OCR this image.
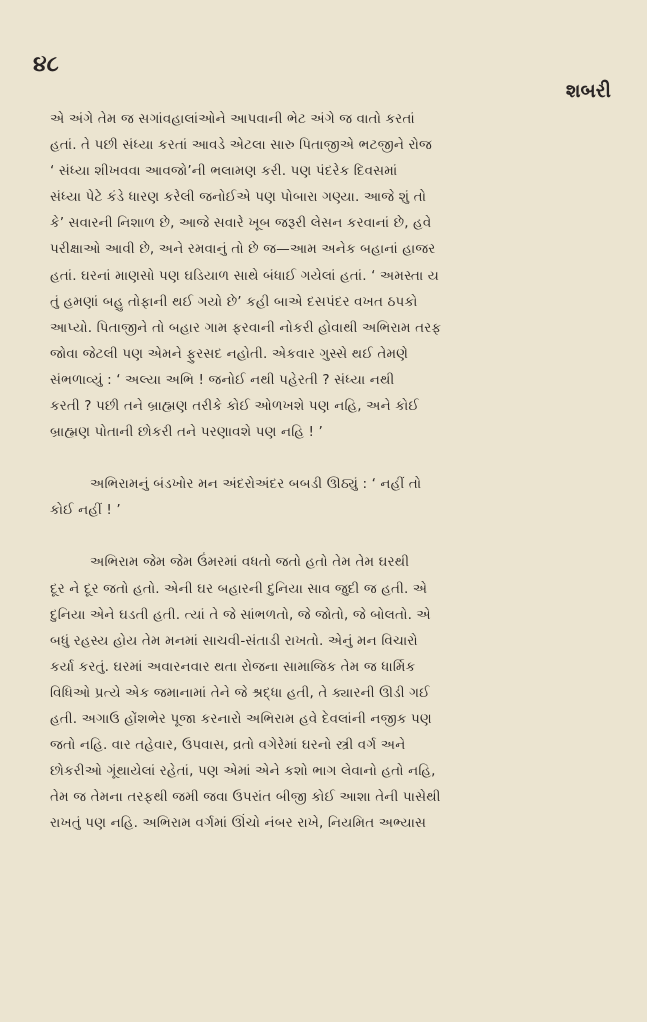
૪૮
શબરી

એ અંગે તેમ જ સગાંવહાલાંઓને આપવાની ભેટ અંગે જ વાતો કરતાં

હતાં. તે પછી સંધ્યા કરતાં આવડે એટલા સારુ પિતાજીએ ભટજીને રોજ

‘ સંધ્યા શીખવવા આવજો’ની ભલામણ કરી. પણ પંદરેક દિવસમાં

સંધ્યા પેટે કંડે ધારણ કરેલી જનોઈએ પણ પોબારા ગણ્યા. આજે શું તો

કે’ સવારની નિશાળ છે, આજે સવારે ખૂબ જરૂરી લેસન કરવાનાં છે, હવે

પરીક્ષાઓ આવી છે, અને રમવાનું તો છે જ—આમ અનેક બહાનાં હાજર

હતાં. ઘરનાં માણસો પણ ઘડિયાળ સાથે બંધાઈ ગયેલાં હતાં. ‘ અમસ્તા ય

તું હમણાં બહુ તોફાની થઈ ગયો છે’ કહી બાએ દસપંદર વખત ઠપકો

આપ્યો. પિતાજીને તો બહાર ગામ ફરવાની નોકરી હોવાથી અભિરામ તરફ

જોવા જેટલી પણ એમને ફુરસદ નહોતી. એકવાર ગુસ્સે થઈ તેમણે

સંભળાવ્યું : ‘ અલ્યા અભિ ! જનોઈ નથી પહેરતી ? સંધ્યા નથી

કરતી ? પછી તને બ્રાહ્મણ તરીકે કોઈ ઓળખશે પણ નહિ, અને કોઈ

બ્રાહ્મણ પોતાની છોકરી તને પરણાવશે પણ નહિ ! ’

અભિરામનું બંડખોર મન અંદરોઅંદર બબડી ઊઠ્યું : ‘ નહીં તો

કોઈ નહીં ! ’

અભિરામ જેમ જેમ ઉંમરમાં વધતો જતો હતો તેમ તેમ ઘરથી

દૂર ને દૂર જતો હતો. એની ઘર બહારની દુનિયા સાવ જુદી જ હતી. એ

દુનિયા એને ઘડતી હતી. ત્યાં તે જે સાંભળતો, જે જોતો, જે બોલતો. એ

બધું રહસ્ય હોય તેમ મનમાં સાચવી-સંતાડી રાખતો. એનું મન વિચારો

કર્યા કરતું. ઘરમાં અવારનવાર થતા રોજના સામાજિક તેમ જ ધાર્મિક

વિધિઓ પ્રત્યે એક જમાનામાં તેને જે શ્રદ્ધા હતી, તે ક્યારની ઊડી ગઈ

હતી. અગાઉ હોંશભેર પૂજા કરનારો અભિરામ હવે દેવલાંની નજીક પણ

જતો નહિ. વાર તહેવાર, ઉપવાસ, વ્રતો વગેરેમાં ઘરનો સ્ત્રી વર્ગ અને

છોકરીઓ ગૂંથાયેલાં રહેતાં, પણ એમાં એને કશો ભાગ લેવાનો હતો નહિ,

તેમ જ તેમના તરફથી જમી જવા ઉપરાંત બીજી કોઈ આશા તેની પાસેથી

રાખતું પણ નહિ. અભિરામ વર્ગમાં ઊંચો નંબર રાખે, નિયમિત અભ્યાસ
